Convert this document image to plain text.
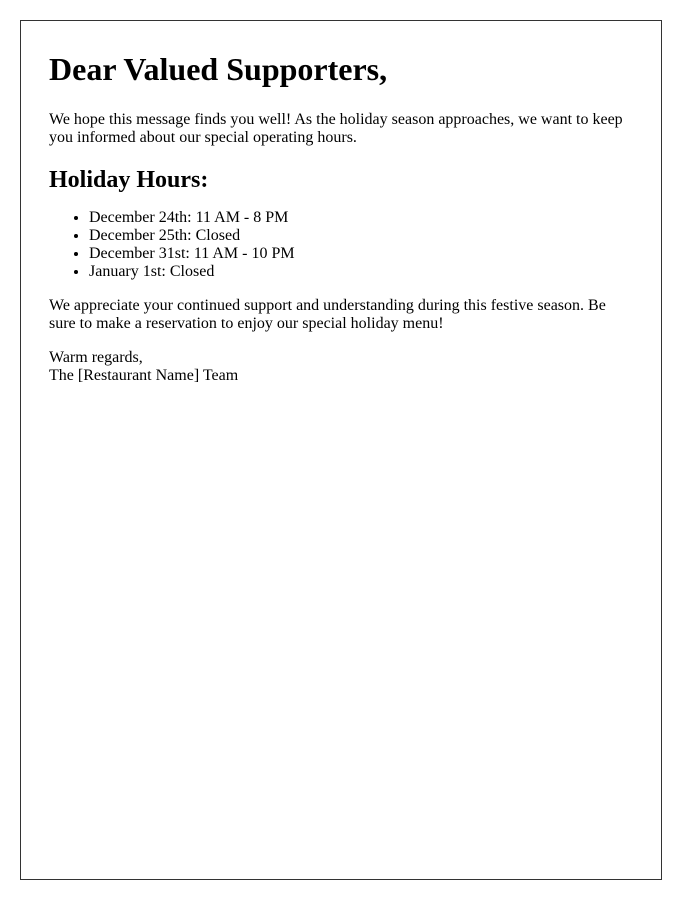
Dear Valued Supporters,

We hope this message finds you well! As the holiday season approaches, we want to keep you informed about our special operating hours.

Holiday Hours:
• December 24th: 11 AM - 8 PM
• December 25th: Closed
• December 31st: 11 AM - 10 PM
• January 1st: Closed

We appreciate your continued support and understanding during this festive season. Be sure to make a reservation to enjoy our special holiday menu!

Warm regards,
The [Restaurant Name] Team
